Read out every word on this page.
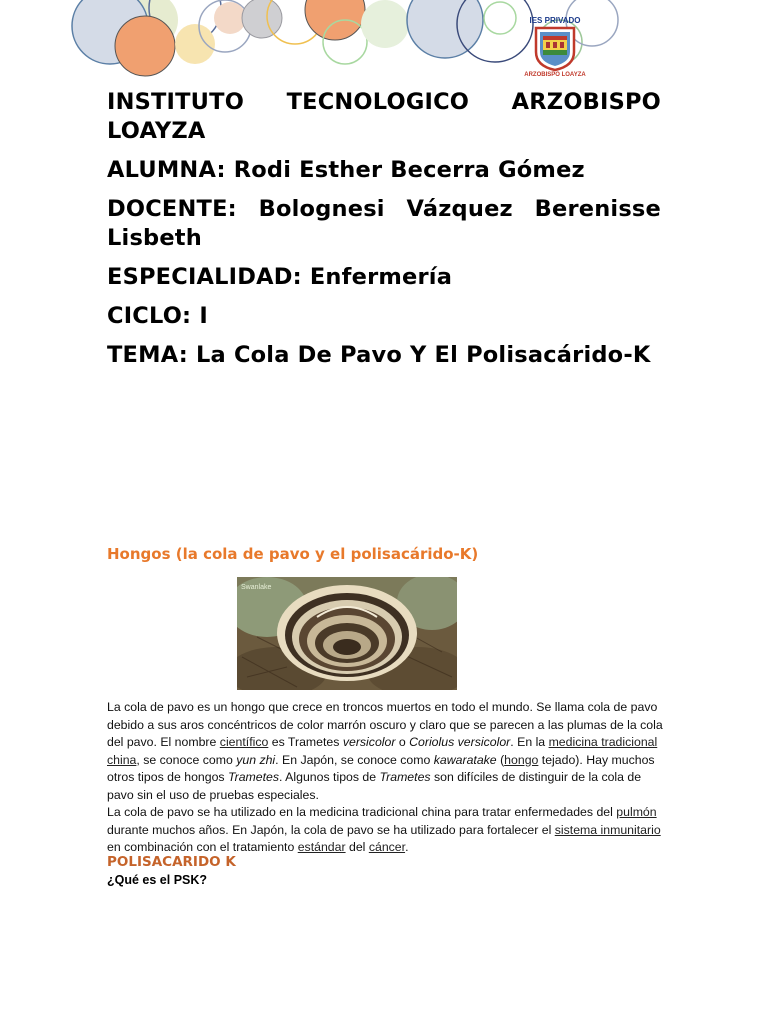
IES PRIVADO
ARZOBISPO LOAYZA

INSTITUTO TECNOLOGICO ARZOBISPO LOAYZA

ALUMNA: Rodi Esther Becerra Gómez

DOCENTE: Bolognesi Vázquez Berenisse Lisbeth

ESPECIALIDAD: Enfermería

CICLO: I

TEMA: La Cola De Pavo Y El Polisacárido-K

Hongos (la cola de pavo y el polisacárido-K)
Swanlake

La cola de pavo es un hongo que crece en troncos muertos en todo el mundo. Se llama cola de pavo debido a sus aros concéntricos de color marrón oscuro y claro que se parecen a las plumas de la cola del pavo. El nombre científico es Trametes versicolor o Coriolus versicolor. En la medicina tradicional china, se conoce como yun zhi. En Japón, se conoce como kawaratake (hongo tejado). Hay muchos otros tipos de hongos Trametes. Algunos tipos de Trametes son difíciles de distinguir de la cola de pavo sin el uso de pruebas especiales.

La cola de pavo se ha utilizado en la medicina tradicional china para tratar enfermedades del pulmón durante muchos años. En Japón, la cola de pavo se ha utilizado para fortalecer el sistema inmunitario en combinación con el tratamiento estándar del cáncer.

POLISACARIDO K

¿Qué es el PSK?
